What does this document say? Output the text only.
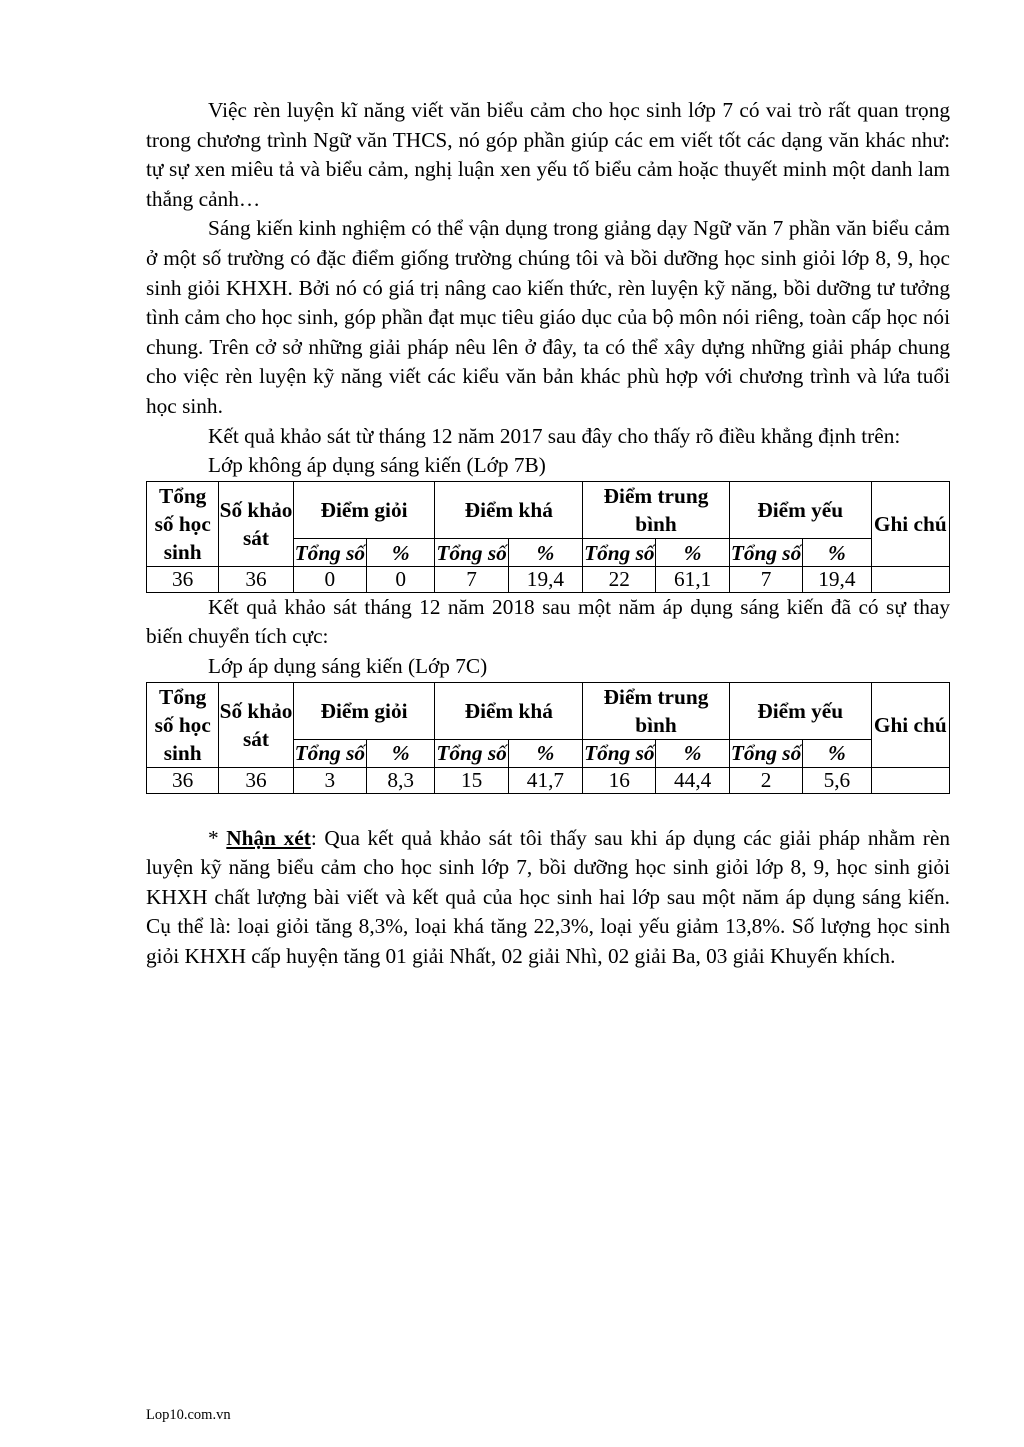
Việc rèn luyện kĩ năng viết văn biểu cảm cho học sinh lớp 7 có vai trò rất quan trọng trong chương trình Ngữ văn THCS, nó góp phần giúp các em viết tốt các dạng văn khác như: tự sự xen miêu tả và biểu cảm, nghị luận xen yếu tố biểu cảm hoặc thuyết minh một danh lam thắng cảnh…

Sáng kiến kinh nghiệm có thể vận dụng trong giảng dạy Ngữ văn 7 phần văn biểu cảm ở một số trường có đặc điểm giống trường chúng tôi và bồi dưỡng học sinh giỏi lớp 8, 9, học sinh giỏi KHXH. Bởi nó có giá trị nâng cao kiến thức, rèn luyện kỹ năng, bồi dưỡng tư tưởng tình cảm cho học sinh, góp phần đạt mục tiêu giáo dục của bộ môn nói riêng, toàn cấp học nói chung. Trên cở sở những giải pháp nêu lên ở đây, ta có thể xây dựng những giải pháp chung cho việc rèn luyện kỹ năng viết các kiểu văn bản khác phù hợp với chương trình và lứa tuổi học sinh.

Kết quả khảo sát từ tháng 12 năm 2017 sau đây cho thấy rõ điều khẳng định trên:

Lớp không áp dụng sáng kiến (Lớp 7B)
Tổng số học sinh	Số khảo sát	Điểm giỏi		Điểm khá		Điểm trung bình		Điểm yếu		Ghi chú
		Tổng số	%	Tổng số	%	Tổng số	%	Tổng số	%	
36	36	0	0	7	19,4	22	61,1	7	19,4	

Kết quả khảo sát tháng 12 năm 2018 sau một năm áp dụng sáng kiến đã có sự thay biến chuyển tích cực:

Lớp áp dụng sáng kiến (Lớp 7C)
Tổng số học sinh	Số khảo sát	Điểm giỏi		Điểm khá		Điểm trung bình		Điểm yếu		Ghi chú
		Tổng số	%	Tổng số	%	Tổng số	%	Tổng số	%	
36	36	3	8,3	15	41,7	16	44,4	2	5,6	

* Nhận xét: Qua kết quả khảo sát tôi thấy sau khi áp dụng các giải pháp nhằm rèn luyện kỹ năng biểu cảm cho học sinh lớp 7, bồi dưỡng học sinh giỏi lớp 8, 9, học sinh giỏi KHXH chất lượng bài viết và kết quả của học sinh hai lớp sau một năm áp dụng sáng kiến. Cụ thể là: loại giỏi tăng 8,3%, loại khá tăng 22,3%, loại yếu giảm 13,8%. Số lượng học sinh giỏi KHXH cấp huyện tăng 01 giải Nhất, 02 giải Nhì, 02 giải Ba, 03 giải Khuyến khích.

Lop10.com.vn
